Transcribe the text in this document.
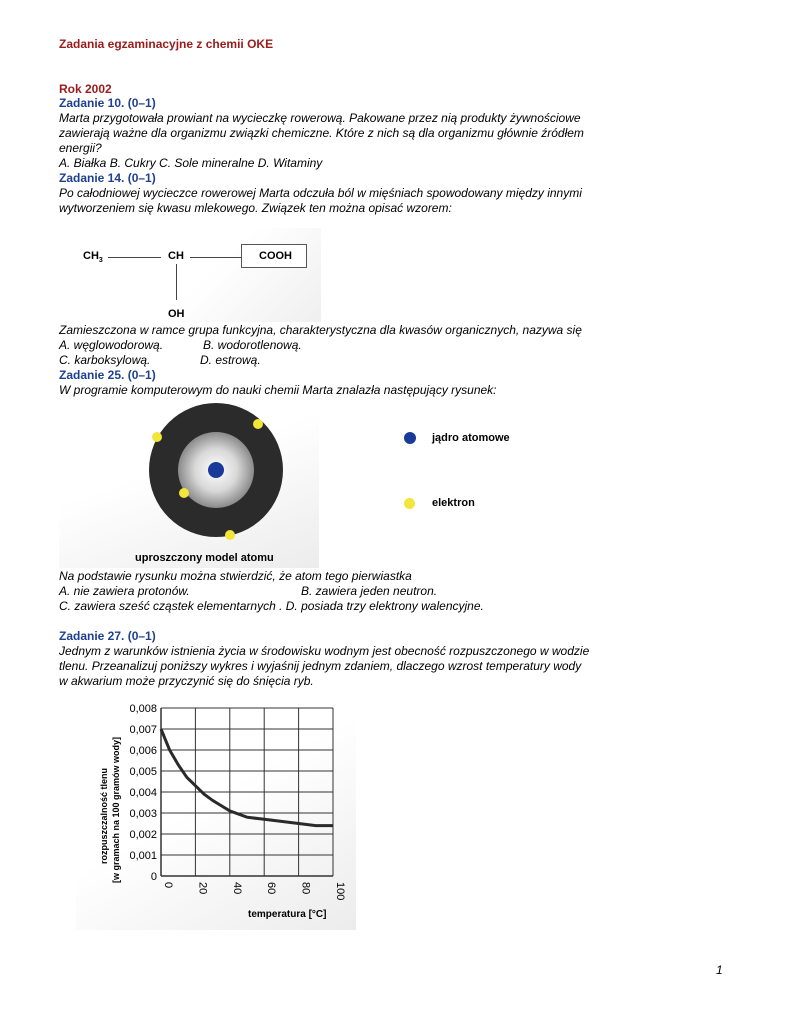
Zadania egzaminacyjne z chemii OKE
Rok 2002
Zadanie 10. (0–1)
Marta przygotowała prowiant na wycieczkę rowerową. Pakowane przez nią produkty żywnościowe
zawierają ważne dla organizmu związki chemiczne. Które z nich są dla organizmu głównie źródłem
energii?
A. Białka B. Cukry C. Sole mineralne D. Witaminy
Zadanie 14. (0–1)
Po całodniowej wycieczce rowerowej Marta odczuła ból w mięśniach spowodowany między innymi
wytworzeniem się kwasu mlekowego. Związek ten można opisać wzorem:
$CH_3$	CH	COOH
OH
Zamieszczona w ramce grupa funkcyjna, charakterystyczna dla kwasów organicznych, nazywa się
A. węglowodorową.	B. wodorotlenową.
C. karboksylową.	D. estrową.
Zadanie 25. (0–1)
W programie komputerowym do nauki chemii Marta znalazła następujący rysunek:
uproszczony model atomu
jądro atomowe
elektron
Na podstawie rysunku można stwierdzić, że atom tego pierwiastka
A. nie zawiera protonów.	B. zawiera jeden neutron.
C. zawiera sześć cząstek elementarnych . D. posiada trzy elektrony walencyjne.
Zadanie 27. (0–1)
Jednym z warunków istnienia życia w środowisku wodnym jest obecność rozpuszczonego w wodzie
tlenu. Przeanalizuj poniższy wykres i wyjaśnij jednym zdaniem, dlaczego wzrost temperatury wody
w akwarium może przyczynić się do śnięcia ryb.
0,008
0,007
0,006
0,005
0,004
0,003
0,002
0,001
0
0 20 40 60 80 100
rozpuszczalność tlenu [w gramach na 100 gramów wody]
temperatura [°C]
1
